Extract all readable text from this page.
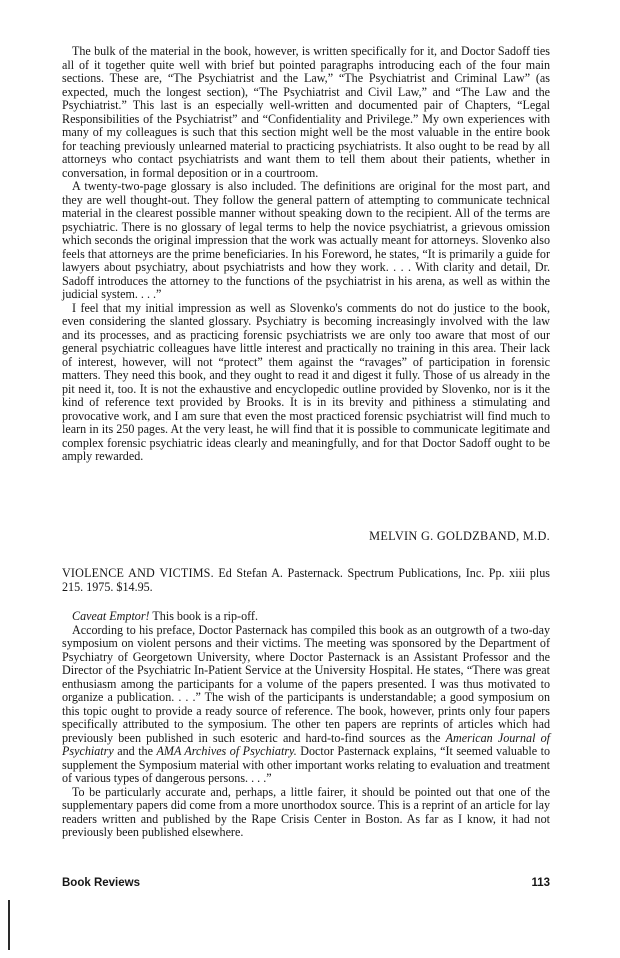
The bulk of the material in the book, however, is written specifically for it, and Doctor Sadoff ties all of it together quite well with brief but pointed paragraphs introducing each of the four main sections. These are, “The Psychiatrist and the Law,” “The Psychiatrist and Criminal Law” (as expected, much the longest section), “The Psychiatrist and Civil Law,” and “The Law and the Psychiatrist.” This last is an especially well-written and documented pair of Chapters, “Legal Responsibilities of the Psychiatrist” and “Confidentiality and Privilege.” My own experiences with many of my colleagues is such that this section might well be the most valuable in the entire book for teaching previously unlearned material to practicing psychiatrists. It also ought to be read by all attorneys who contact psychiatrists and want them to tell them about their patients, whether in conversation, in formal deposition or in a courtroom.

A twenty-two-page glossary is also included. The definitions are original for the most part, and they are well thought-out. They follow the general pattern of attempting to communicate technical material in the clearest possible manner without speaking down to the recipient. All of the terms are psychiatric. There is no glossary of legal terms to help the novice psychiatrist, a grievous omission which seconds the original impression that the work was actually meant for attorneys. Slovenko also feels that attorneys are the prime beneficiaries. In his Foreword, he states, “It is primarily a guide for lawyers about psychiatry, about psychiatrists and how they work. . . . With clarity and detail, Dr. Sadoff introduces the attorney to the functions of the psychiatrist in his arena, as well as within the judicial system. . . .”

I feel that my initial impression as well as Slovenko's comments do not do justice to the book, even considering the slanted glossary. Psychiatry is becoming increasingly involved with the law and its processes, and as practicing forensic psychiatrists we are only too aware that most of our general psychiatric colleagues have little interest and practically no training in this area. Their lack of interest, however, will not “protect” them against the “ravages” of participation in forensic matters. They need this book, and they ought to read it and digest it fully. Those of us already in the pit need it, too. It is not the exhaustive and encyclopedic outline provided by Slovenko, nor is it the kind of reference text provided by Brooks. It is in its brevity and pithiness a stimulating and provocative work, and I am sure that even the most practiced forensic psychiatrist will find much to learn in its 250 pages. At the very least, he will find that it is possible to communicate legitimate and complex forensic psychiatric ideas clearly and meaningfully, and for that Doctor Sadoff ought to be amply rewarded.

MELVIN G. GOLDZBAND, M.D.
VIOLENCE AND VICTIMS. Ed Stefan A. Pasternack. Spectrum Publications, Inc. Pp. xiii plus 215. 1975. $14.95.

Caveat Emptor! This book is a rip-off.

According to his preface, Doctor Pasternack has compiled this book as an outgrowth of a two-day symposium on violent persons and their victims. The meeting was sponsored by the Department of Psychiatry of Georgetown University, where Doctor Pasternack is an Assistant Professor and the Director of the Psychiatric In-Patient Service at the University Hospital. He states, “There was great enthusiasm among the participants for a volume of the papers presented. I was thus motivated to organize a publication. . . .” The wish of the participants is understandable; a good symposium on this topic ought to provide a ready source of reference. The book, however, prints only four papers specifically attributed to the symposium. The other ten papers are reprints of articles which had previously been published in such esoteric and hard-to-find sources as the American Journal of Psychiatry and the AMA Archives of Psychiatry. Doctor Pasternack explains, “It seemed valuable to supplement the Symposium material with other important works relating to evaluation and treatment of various types of dangerous persons. . . .”

To be particularly accurate and, perhaps, a little fairer, it should be pointed out that one of the supplementary papers did come from a more unorthodox source. This is a reprint of an article for lay readers written and published by the Rape Crisis Center in Boston. As far as I know, it had not previously been published elsewhere.

Book Reviews	113
